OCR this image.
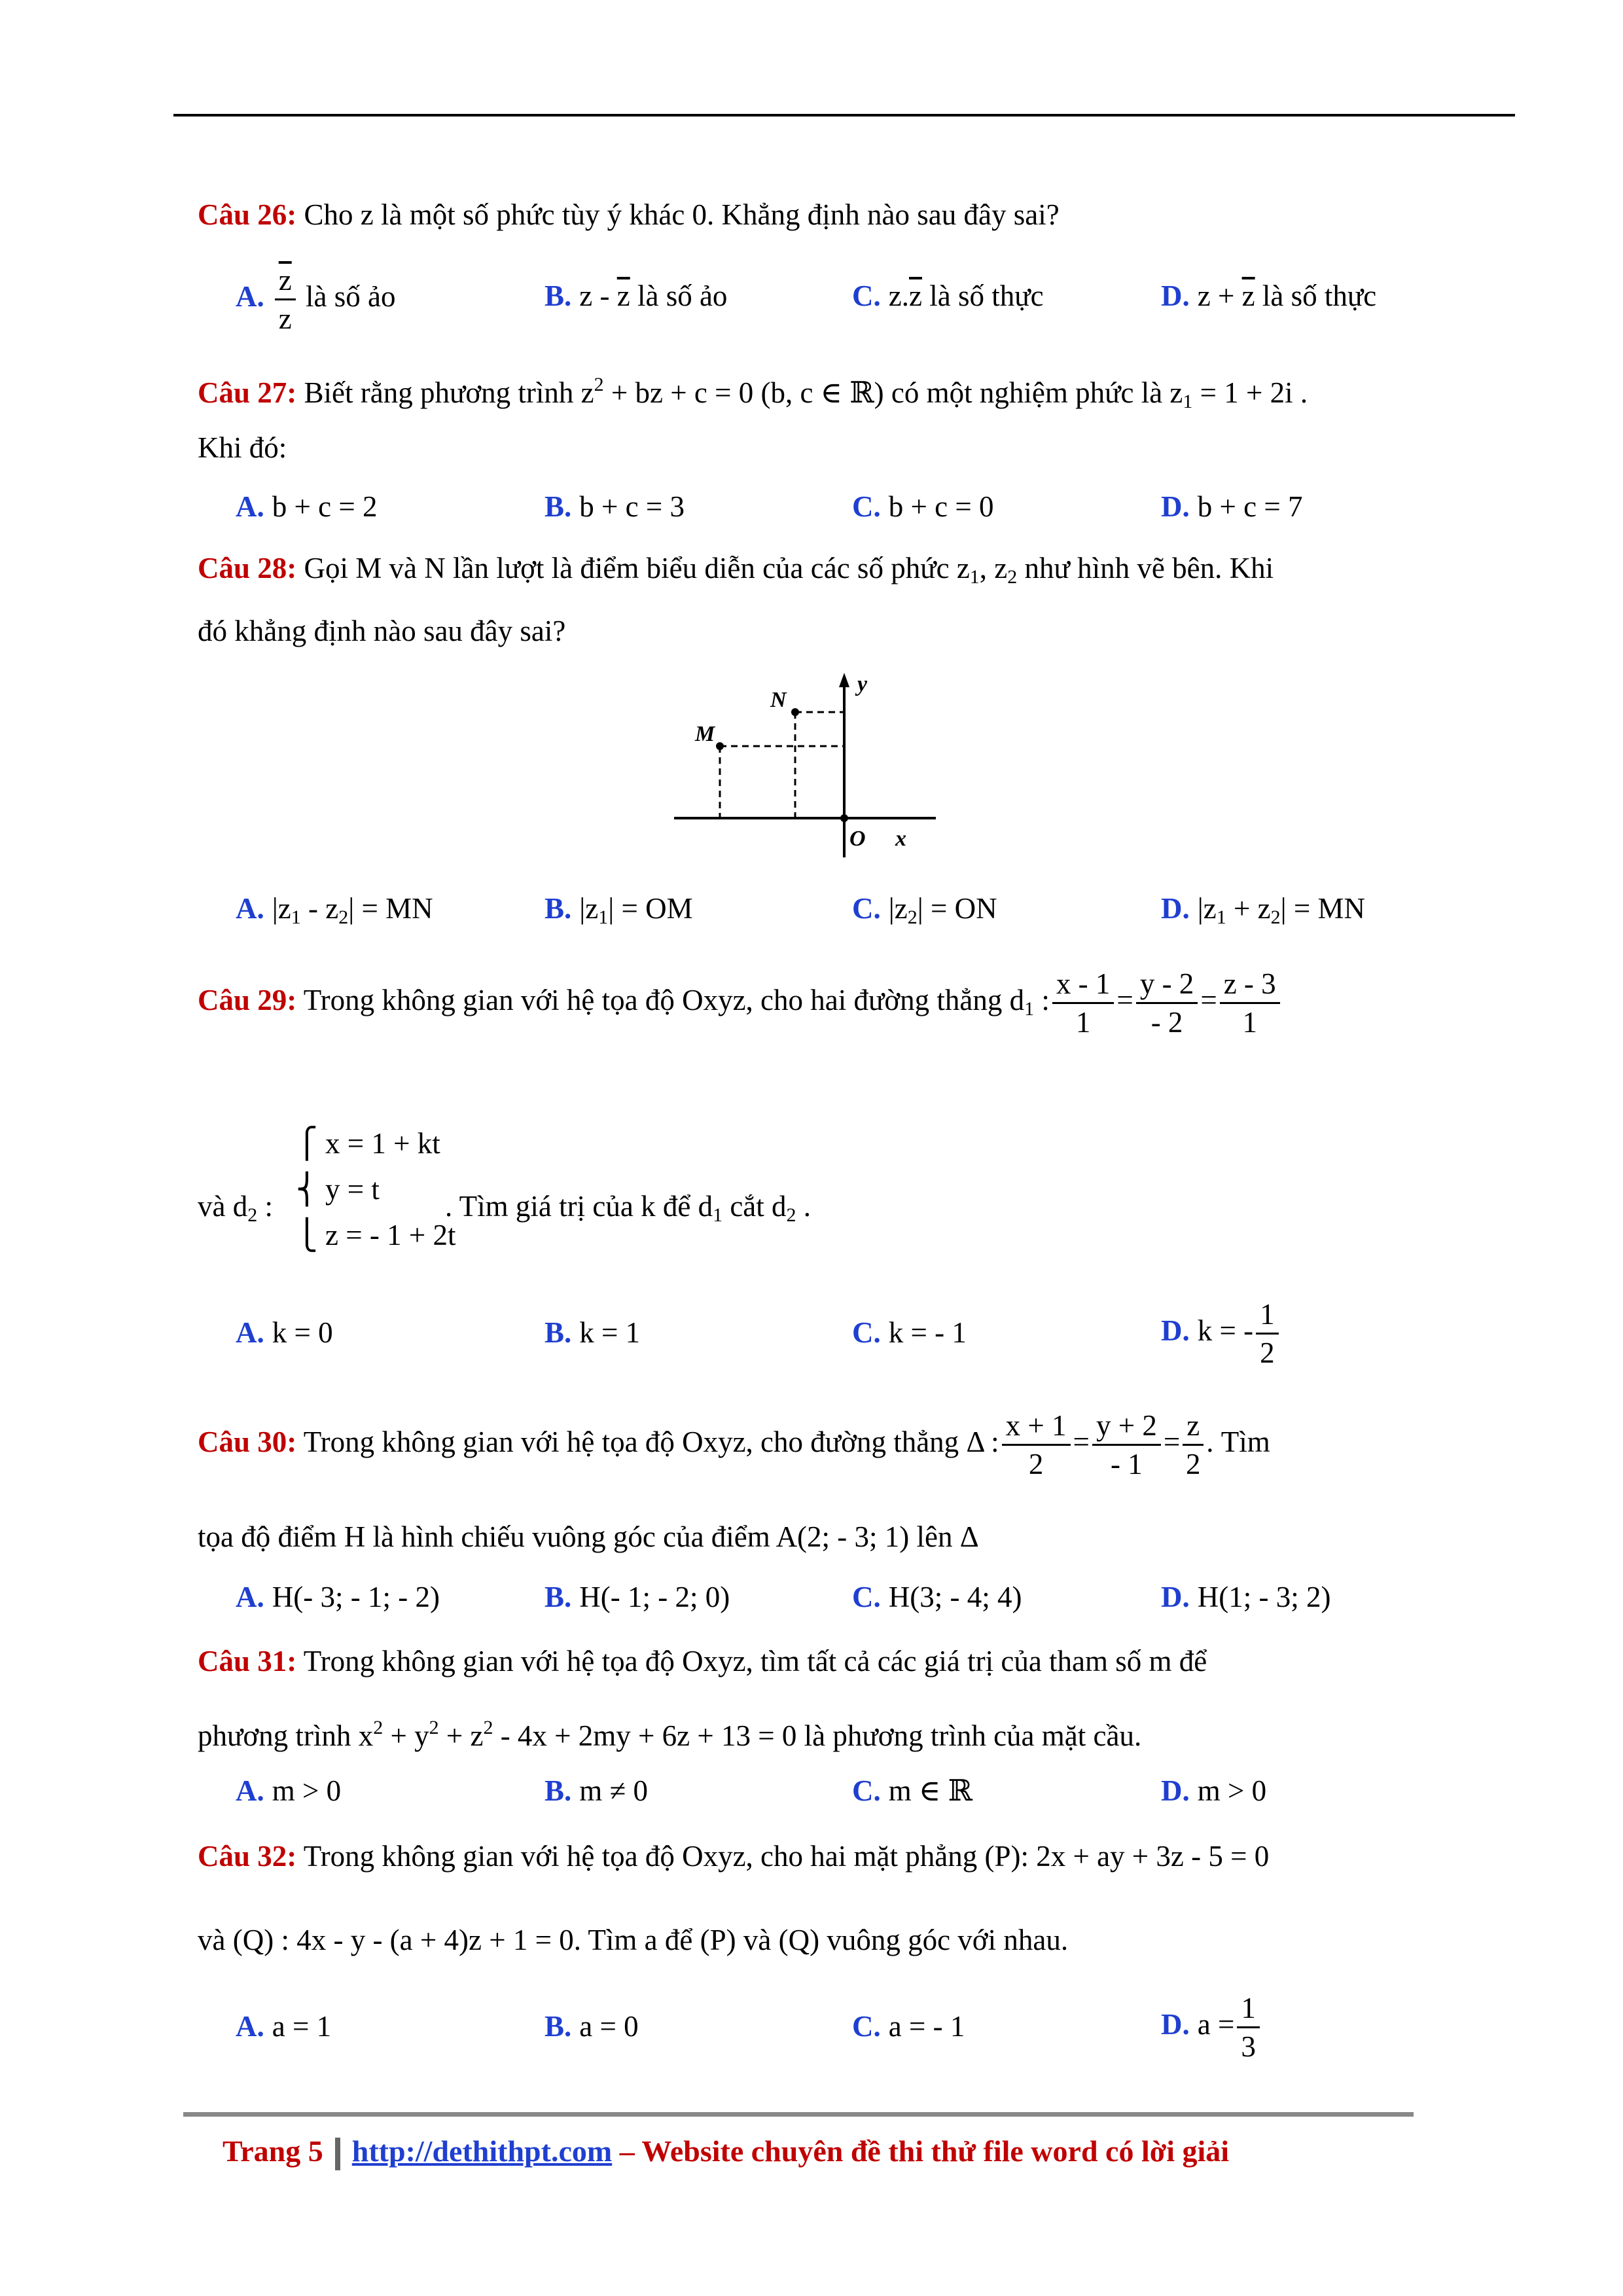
Câu 26: Cho z là một số phức tùy ý khác 0. Khẳng định nào sau đây sai?
A. $\frac{\overline{z}}{z}$ là số ảo	B. z - $\overline{z}$ là số ảo	C. $z.\overline{z}$ là số thực	D. $z + \overline{z}$ là số thực
Câu 27: Biết rằng phương trình $z^2$ + bz + c = 0 (b, c ∈ ℝ) có một nghiệm phức là $z_1 = 1 + 2i$ .
Khi đó:
A. b + c = 2	B. b + c = 3	C. b + c = 0	D. b + c = 7
Câu 28: Gọi M và N lần lượt là điểm biểu diễn của các số phức $z_1$, $z_2$ như hình vẽ bên. Khi
đó khẳng định nào sau đây sai?
M
N
O x
y
A. $|z_1 - z_2|$ = MN	B. $|z_1|$ = OM	C. $|z_2|$ = ON	D. $|z_1 + z_2|$ = MN
Câu 29: Trong không gian với hệ tọa độ Oxyz, cho hai đường thẳng $d_1$ : $\frac{x - 1}{1} = \frac{y - 2}{- 2} = \frac{z - 3}{1}$
và $d_2$ :
⎧ x = 1 + kt
⎨ y = t
⎩ z = - 1 + 2t
. Tìm giá trị của k để $d_1$ cắt $d_2$ .
A. k = 0	B. k = 1	C. k = - 1	D. k = - $\frac{1}{2}$
Câu 30: Trong không gian với hệ tọa độ Oxyz, cho đường thẳng Δ : $\frac{x + 1}{2} = \frac{y + 2}{- 1} = \frac{z}{2}$ . Tìm
tọa độ điểm H là hình chiếu vuông góc của điểm A(2; - 3; 1) lên Δ
A. H(- 3; - 1; - 2)	B. H(- 1; - 2; 0)	C. H(3; - 4; 4)	D. H(1; - 3; 2)
Câu 31: Trong không gian với hệ tọa độ Oxyz, tìm tất cả các giá trị của tham số m để
phương trình $x^2 + y^2 + z^2 - 4x + 2my + 6z + 13 = 0$ là phương trình của mặt cầu.
A. m > 0	B. m ≠ 0	C. m ∈ ℝ	D. m > 0
Câu 32: Trong không gian với hệ tọa độ Oxyz, cho hai mặt phẳng (P): 2x + ay + 3z - 5 = 0
và (Q) : 4x - y - (a + 4)z + 1 = 0. Tìm a để (P) và (Q) vuông góc với nhau.
A. a = 1	B. a = 0	C. a = - 1	D. $a = \frac{1}{3}$
Trang 5 http://dethithpt.com – Website chuyên đề thi thử file word có lời giải
